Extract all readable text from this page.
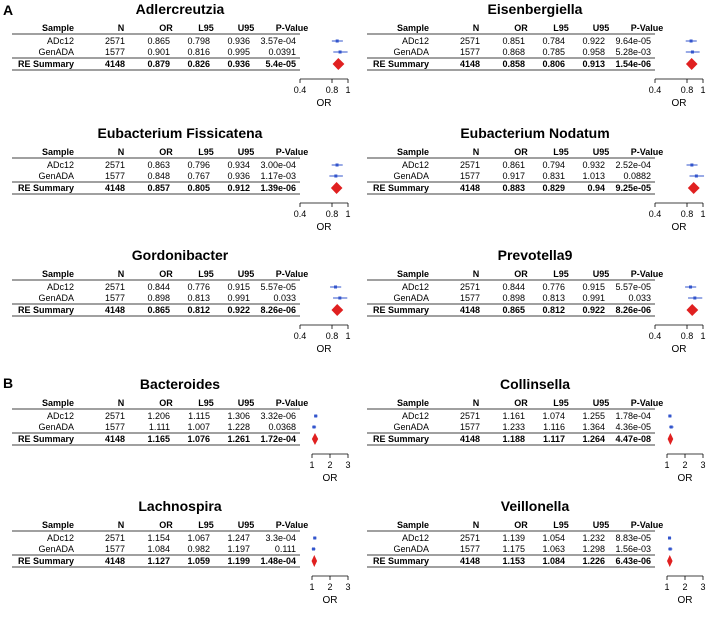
A
B
Adlercreutzia
Sample	N	OR	L95	U95 P-Value
ADc12	2571 0.865 0.798 0.936 3.57e-04
GenADA	1577 0.901 0.816 0.995 0.0391
RE Summary	4148 0.879 0.826 0.936 5.4e-05
0.4 0.8 1
OR
Eisenbergiella
Sample	N	OR	L95	U95 P-Value
ADc12	2571 0.851 0.784 0.922 9.64e-05
GenADA	1577 0.868 0.785 0.958 5.28e-03
RE Summary	4148 0.858 0.806 0.913 1.54e-06
0.4 0.8 1
OR
Eubacterium Fissicatena
Sample	N	OR	L95	U95 P-Value
ADc12	2571 0.863 0.796 0.934 3.00e-04
GenADA	1577 0.848 0.767 0.936 1.17e-03
RE Summary	4148 0.857 0.805 0.912 1.39e-06
0.4 0.8 1
OR
Eubacterium Nodatum
Sample	N	OR	L95	U95 P-Value
ADc12	2571 0.861 0.794 0.932 2.52e-04
GenADA	1577 0.917 0.831 1.013 0.0882
RE Summary	4148 0.883 0.829 0.94 9.25e-05
0.4 0.8 1
OR
Gordonibacter
Sample	N	OR	L95	U95 P-Value
ADc12	2571 0.844 0.776 0.915 5.57e-05
GenADA	1577 0.898 0.813 0.991	0.033
RE Summary	4148 0.865 0.812 0.922 8.26e-06
0.4 0.8 1
OR
Prevotella9
Sample	N	OR	L95	U95 P-Value
ADc12	2571 0.844 0.776 0.915 5.57e-05
GenADA	1577 0.898 0.813 0.991	0.033
RE Summary	4148 0.865 0.812 0.922 8.26e-06
0.4 0.8 1
OR
Bacteroides
Sample	N	OR	L95	U95 P-Value
ADc12	2571 1.206 1.115 1.306 3.32e-06
GenADA	1577	1.111 1.007 1.228 0.0368
RE Summary	4148 1.165 1.076 1.261 1.72e-04
1 2 3
OR
Collinsella
Sample	N	OR	L95	U95 P-Value
ADc12	2571 1.161 1.074 1.255 1.78e-04
GenADA	1577 1.233 1.116 1.364 4.36e-05
RE Summary	4148 1.188 1.117 1.264 4.47e-08
1 2 3
OR
Lachnospira
Sample	N	OR	L95	U95 P-Value
ADc12	2571 1.154 1.067 1.247 3.3e-04
GenADA	1577 1.084 0.982 1.197	0.111
RE Summary	4148 1.127 1.059 1.199 1.48e-04
1 2 3
OR
Veillonella
Sample	N	OR	L95	U95 P-Value
ADc12	2571 1.139 1.054 1.232 8.83e-05
GenADA	1577 1.175 1.063 1.298 1.56e-03
RE Summary	4148 1.153 1.084 1.226 6.43e-06
1 2 3
OR
